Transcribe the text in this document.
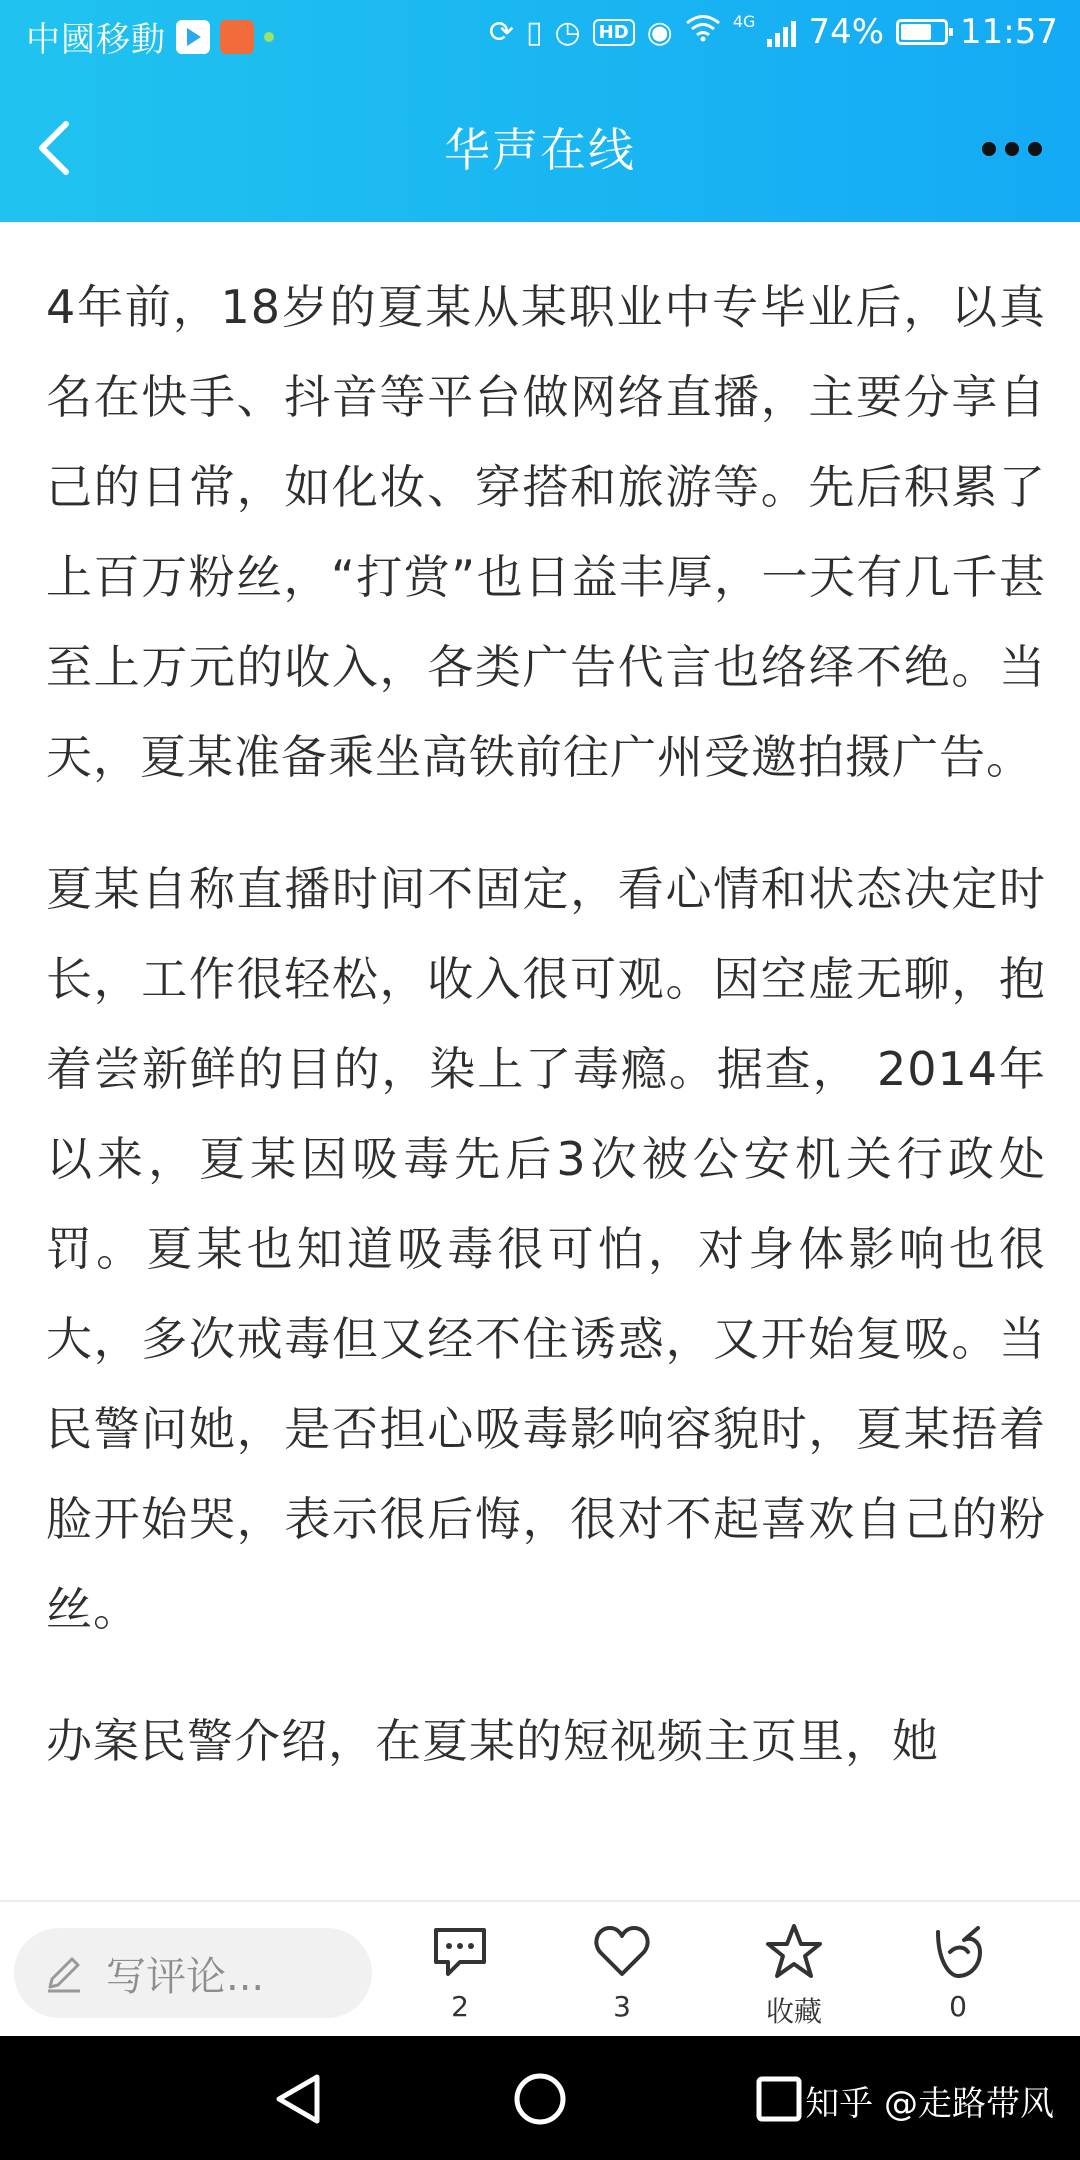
中國移動	⟳ ▯ ◷	HD ◉	4G 74% 11:57
华声在线

4年前，18岁的夏某从某职业中专毕业后，以真名在快手、抖音等平台做网络直播，主要分享自己的日常，如化妆、穿搭和旅游等。先后积累了上百万粉丝，“打赏”也日益丰厚，一天有几千甚至上万元的收入，各类广告代言也络绎不绝。当天，夏某准备乘坐高铁前往广州受邀拍摄广告。

夏某自称直播时间不固定，看心情和状态决定时长，工作很轻松，收入很可观。因空虚无聊，抱着尝新鲜的目的，染上了毒瘾。据查， 2014年以来，夏某因吸毒先后3次被公安机关行政处罚。夏某也知道吸毒很可怕，对身体影响也很大，多次戒毒但又经不住诱惑，又开始复吸。当民警问她，是否担心吸毒影响容貌时，夏某捂着脸开始哭，表示很后悔，很对不起喜欢自己的粉丝。

办案民警介绍，在夏某的短视频主页里，她

写评论...
2	3	收藏	0
知乎 @走路带风
